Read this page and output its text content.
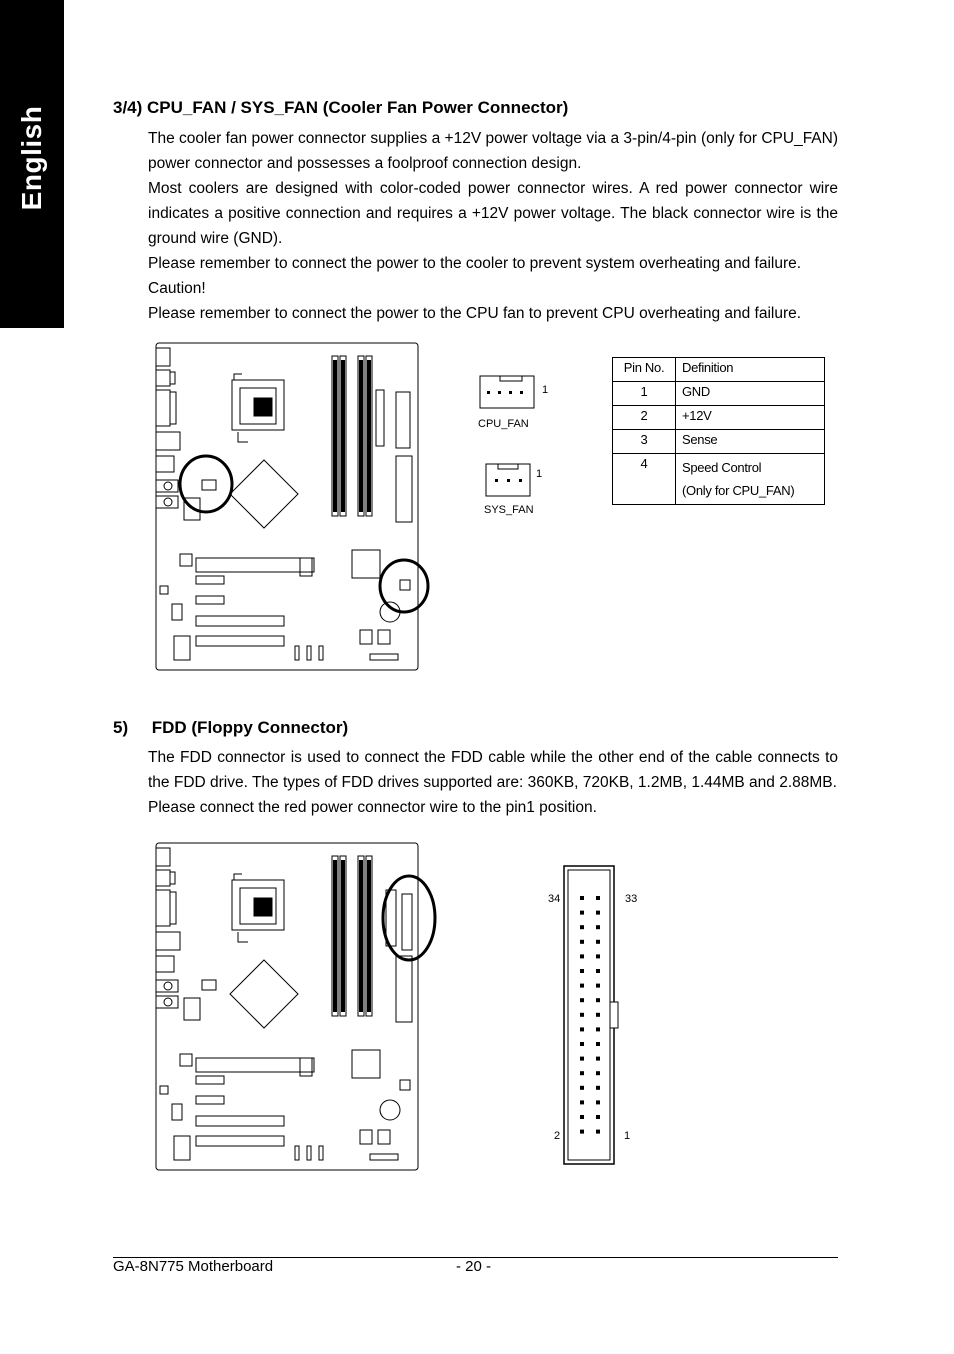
English	3/4) CPU_FAN / SYS_FAN (Cooler Fan Power Connector)

The cooler fan power connector supplies a +12V power voltage via a 3-pin/4-pin (only for CPU_FAN) power connector and possesses a foolproof connection design.

Most coolers are designed with color-coded power connector wires. A red power connector wire indicates a positive connection and requires a +12V power voltage. The black connector wire is the ground wire (GND).

Please remember to connect the power to the cooler to prevent system overheating and failure.

Caution!

Please remember to connect the power to the CPU fan to prevent CPU overheating and failure.

1
CPU_FAN
1
SYS_FAN
Pin No.	Definition
1	GND
2	+12V
3	Sense
4	Speed Control
(Only for CPU_FAN)
5)     FDD (Floppy Connector)

The FDD connector is used to connect the FDD cable while the other end of the cable connects to the FDD drive. The types of FDD drives supported are: 360KB, 720KB, 1.2MB, 1.44MB and 2.88MB.

Please connect the red power connector wire to the pin1 position.

34	33
2	1
GA-8N775 Motherboard	- 20 -
